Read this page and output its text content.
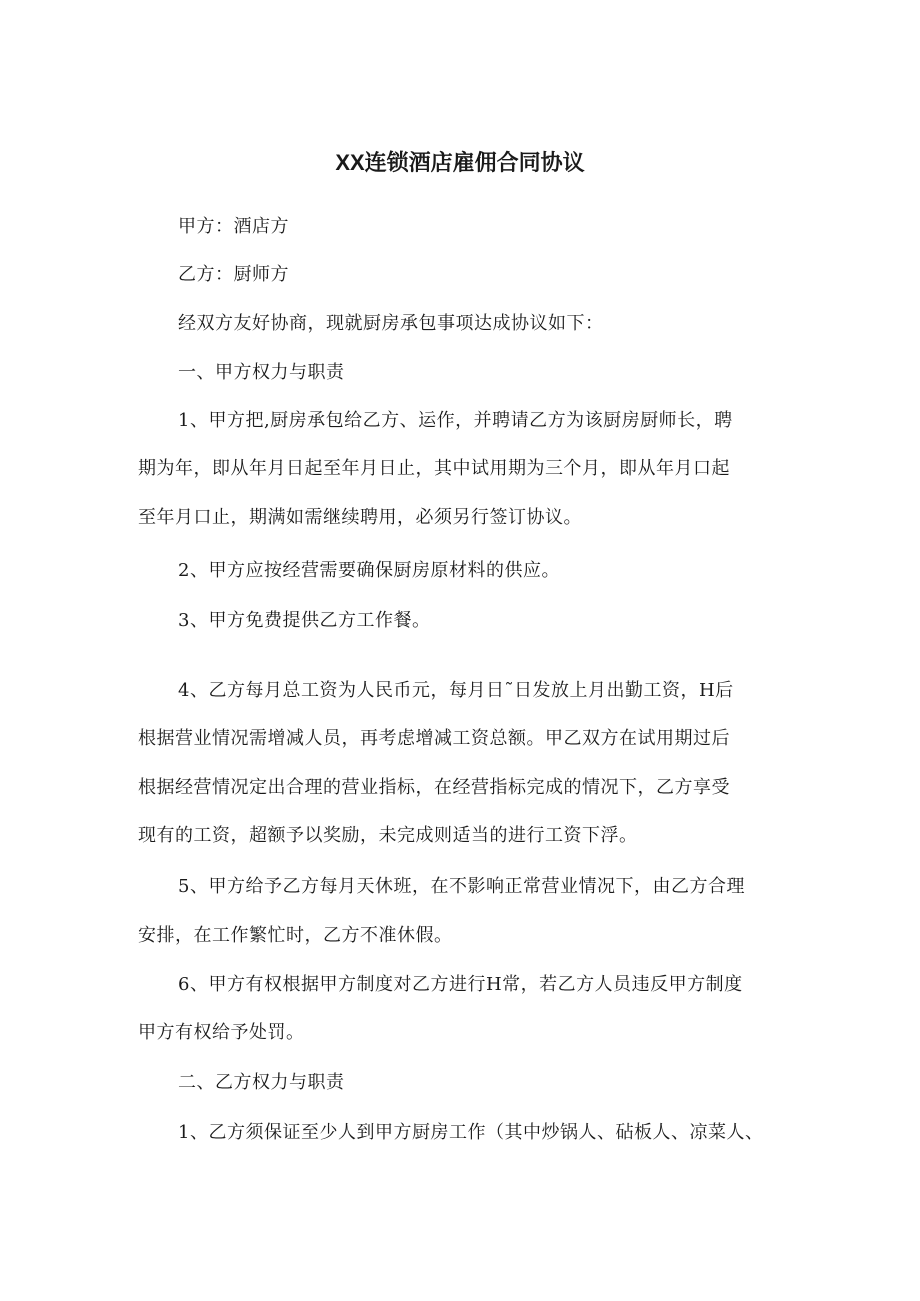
XX连锁酒店雇佣合同协议
甲方：酒店方
乙方：厨师方
经双方友好协商，现就厨房承包事项达成协议如下：
一、甲方权力与职责
1、甲方把,厨房承包给乙方、运作，并聘请乙方为该厨房厨师长，聘
期为年，即从年月日起至年月日止，其中试用期为三个月，即从年月口起
至年月口止，期满如需继续聘用，必须另行签订协议。
2、甲方应按经营需要确保厨房原材料的供应。
3、甲方免费提供乙方工作餐。
4、乙方每月总工资为人民币元，每月日˜日发放上月出勤工资，H后
根据营业情况需增减人员，再考虑增减工资总额。甲乙双方在试用期过后
根据经营情况定出合理的营业指标，在经营指标完成的情况下，乙方享受
现有的工资，超额予以奖励，未完成则适当的进行工资下浮。
5、甲方给予乙方每月天休班，在不影响正常营业情况下，由乙方合理
安排，在工作繁忙时，乙方不准休假。
6、甲方有权根据甲方制度对乙方进行H常，若乙方人员违反甲方制度
甲方有权给予处罚。
二、乙方权力与职责
1、乙方须保证至少人到甲方厨房工作（其中炒锅人、砧板人、凉菜人、
